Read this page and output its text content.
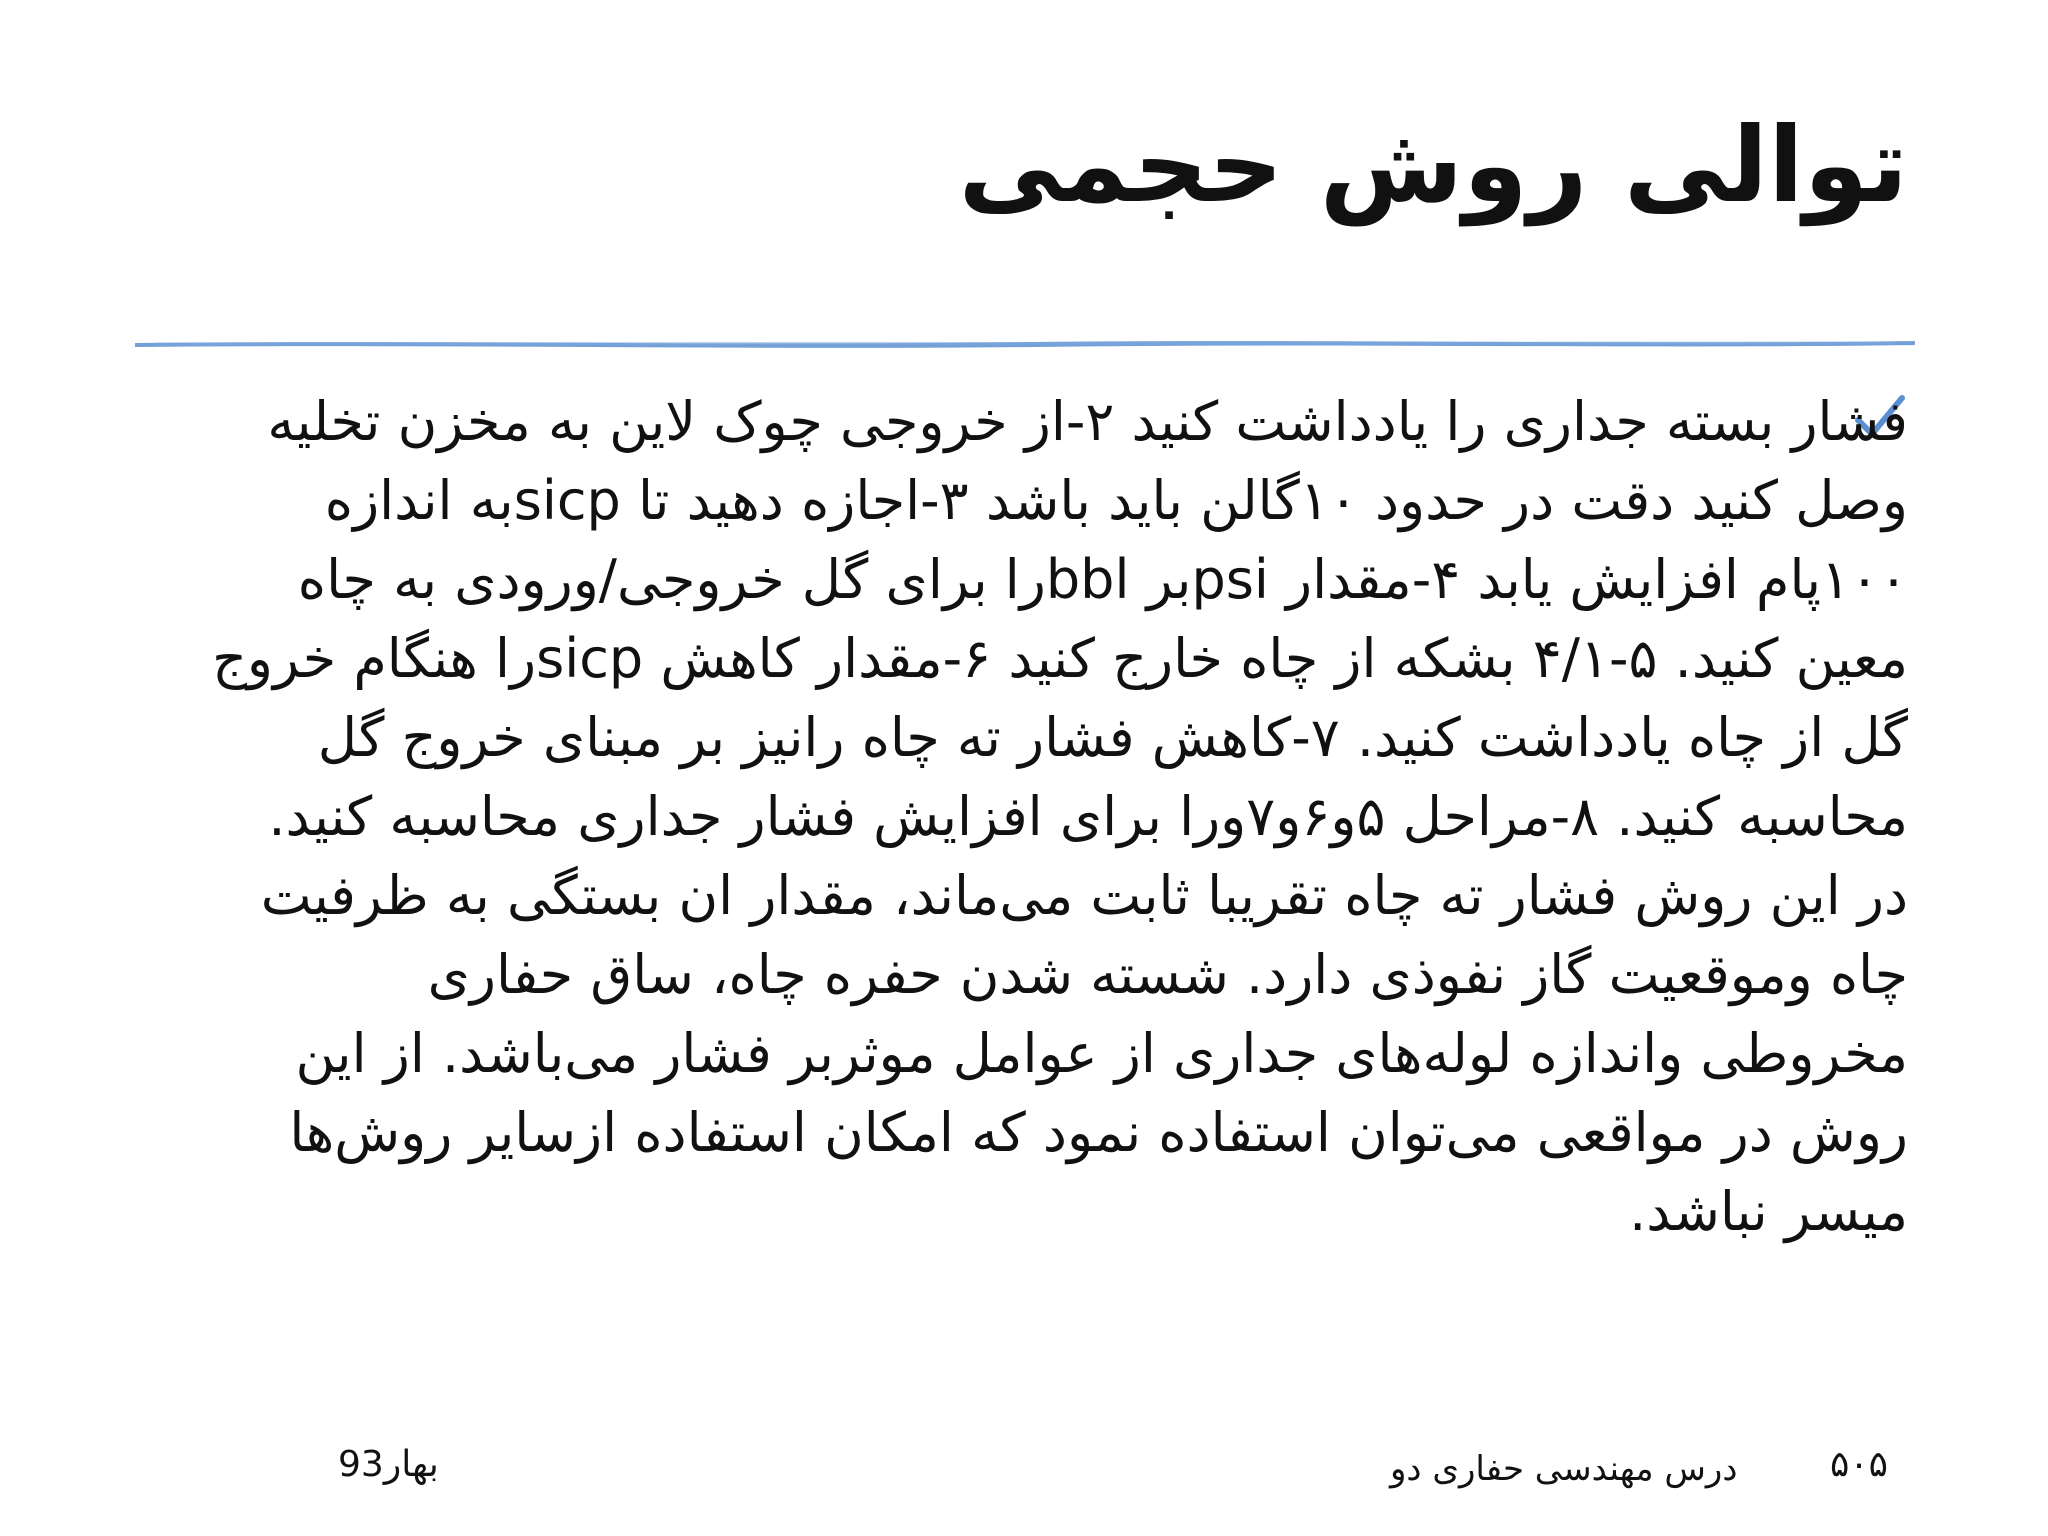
توالی روش حجمی

فشار بسته جداری را یادداشت کنید ۲-از خروجی چوک لاین به مخزن تخلیه وصل کنید دقت در حدود ۱۰گالن باید باشد ۳-اجازه دهید تا sicpبه اندازه ۱۰۰پام افزایش یابد ۴-مقدار psiبر bblرا برای گل خروجی/ورودی به چاه معین کنید. ۵-۴/۱ بشکه از چاه خارج کنید ۶-مقدار کاهش sicpرا هنگام خروج گل از چاه یادداشت کنید. ۷-کاهش فشار ته چاه رانیز بر مبنای خروج گل محاسبه کنید. ۸-مراحل ۵و۶و۷ورا برای افزایش فشار جداری محاسبه کنید. در این روش فشار ته چاه تقریبا ثابت می‌ماند، مقدار ان بستگی به ظرفیت چاه وموقعیت گاز نفوذی دارد. شسته شدن حفره چاه، ساق حفاری مخروطی واندازه لوله‌های جداری از عوامل موثربر فشار می‌باشد. از این روش در مواقعی می‌توان استفاده نمود که امکان استفاده ازسایر روش‌ها میسر نباشد.

بهار93	درس مهندسی حفاری دو	۵۰۵
